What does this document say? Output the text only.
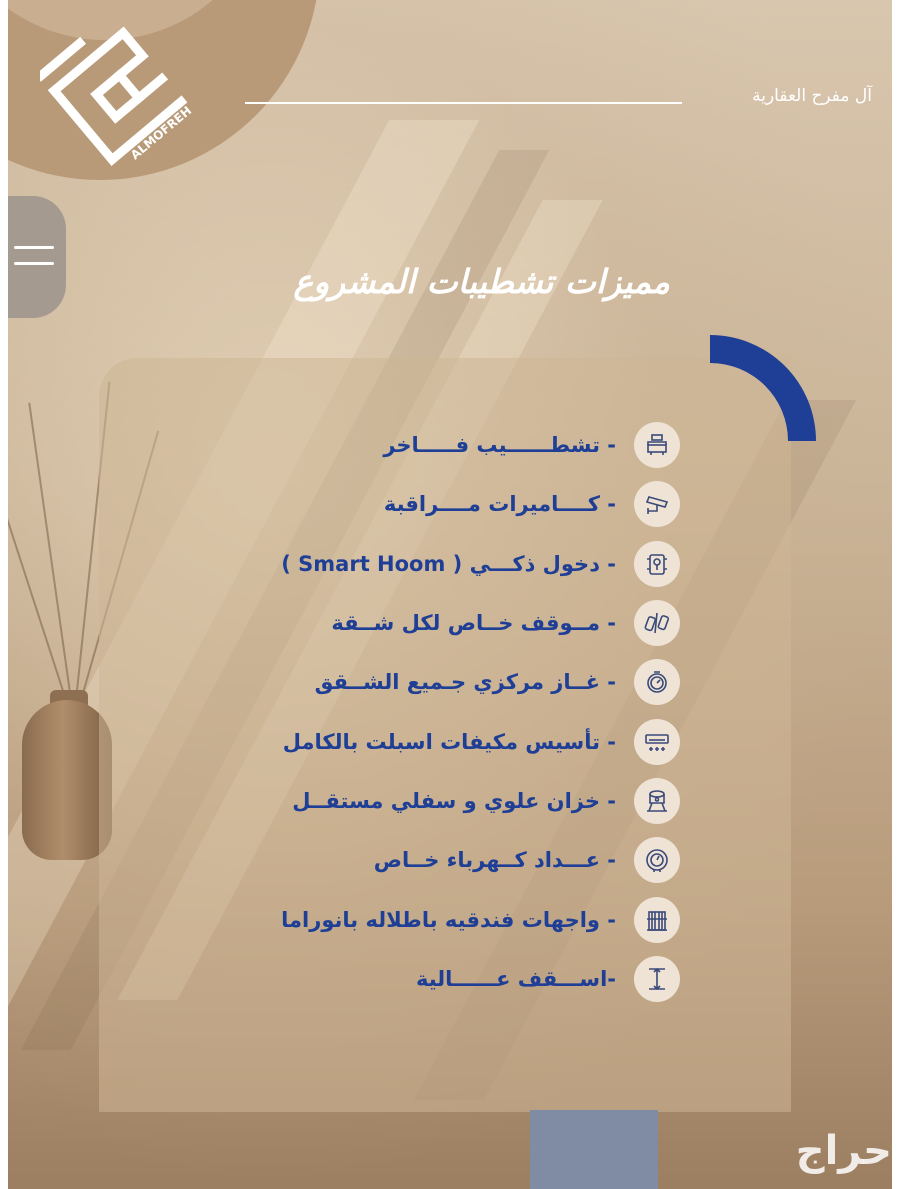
ALMOFREH
آل مفرح العقارية
مميزات تشطيبات المشروع
- تشطــــــيب فـــــاخر
- كــــاميرات مــــراقبة
- دخول ذكـــي ( Smart Hoom )
- مــوقف خــاص لكل شــقة
- غــاز مركزي جـميع الشــقق
- تأسيس مكيفات اسبلت بالكامل
- خزان علوي و سفلي مستقــل
- عـــداد كــهرباء خــاص
- واجهات فندقيه باطلاله بانوراما
-اســـقف عــــــالية
حراج
